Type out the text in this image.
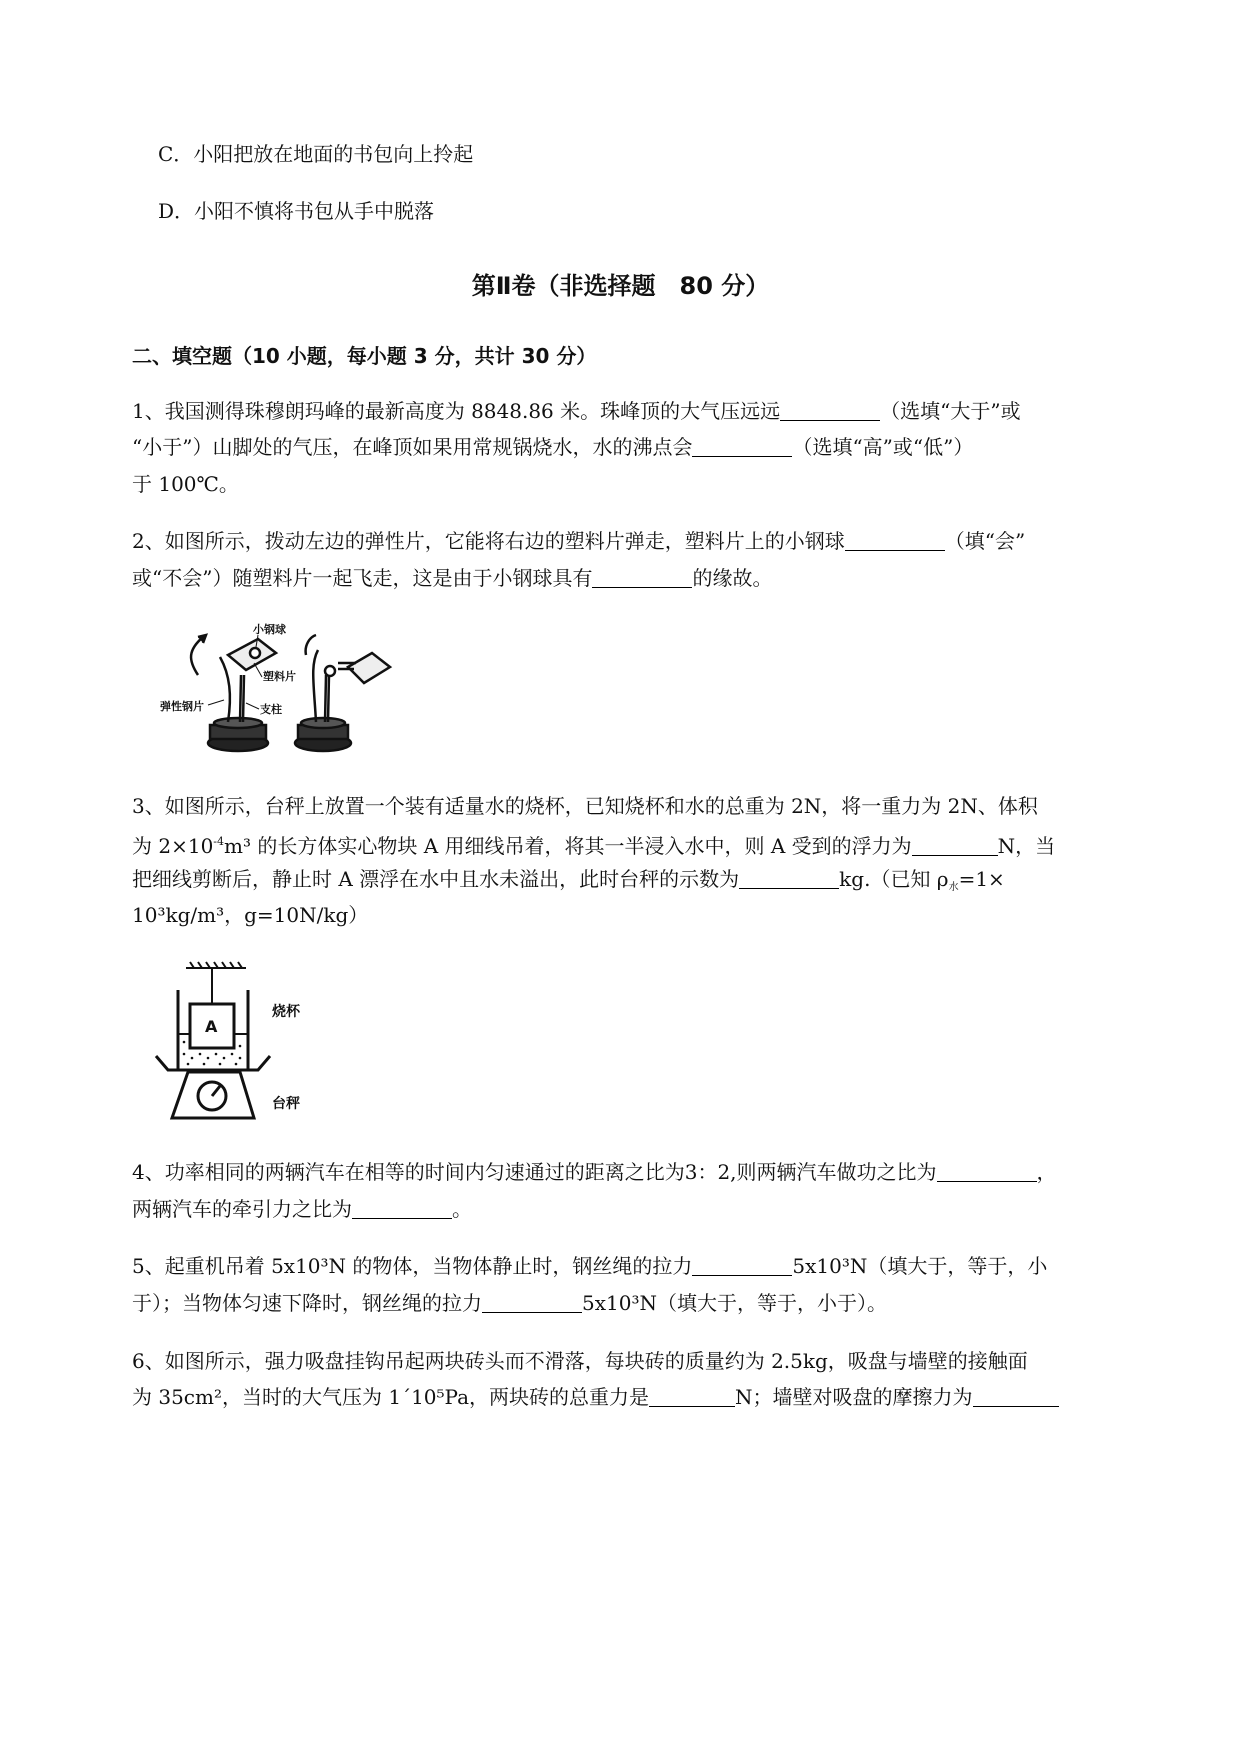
C．小阳把放在地面的书包向上拎起
D．小阳不慎将书包从手中脱落
第Ⅱ卷（非选择题　80 分）
二、填空题（10 小题，每小题 3 分，共计 30 分）
1、我国测得珠穆朗玛峰的最新高度为 8848.86 米。珠峰顶的大气压远远	（选填“大于”或
“小于”）山脚处的气压，在峰顶如果用常规锅烧水，水的沸点会	（选填“高”或“低”）
于 100℃。
2、如图所示，拨动左边的弹性片，它能将右边的塑料片弹走，塑料片上的小钢球	（填“会”
或“不会”）随塑料片一起飞走，这是由于小钢球具有	的缘故。
小钢球
塑料片
弹性钢片	支柱
3、如图所示，台秤上放置一个装有适量水的烧杯，已知烧杯和水的总重为 2N，将一重力为 2N、体积
为 $2\times 10^{-4}m^3$ 的长方体实心物块 A 用细线吊着，将其一半浸入水中，则 A 受到的浮力为	N，当
把细线剪断后，静止时 A 漂浮在水中且水未溢出，此时台秤的示数为	kg.（已知 $\rho_水=1\times$
10³kg/m³，g=10N/kg）
A
烧杯
台秤
4、功率相同的两辆汽车在相等的时间内匀速通过的距离之比为3：2,则两辆汽车做功之比为	，
两辆汽车的牵引力之比为	。
5、起重机吊着 5x10³N 的物体，当物体静止时，钢丝绳的拉力	5x10³N（填大于，等于，小
于）；当物体匀速下降时，钢丝绳的拉力	5x10³N（填大于，等于，小于）。
6、如图所示，强力吸盘挂钩吊起两块砖头而不滑落，每块砖的质量约为 2.5kg，吸盘与墙壁的接触面
为 35cm²，当时的大气压为 1´10⁵Pa，两块砖的总重力是	N；墙壁对吸盘的摩擦力为
